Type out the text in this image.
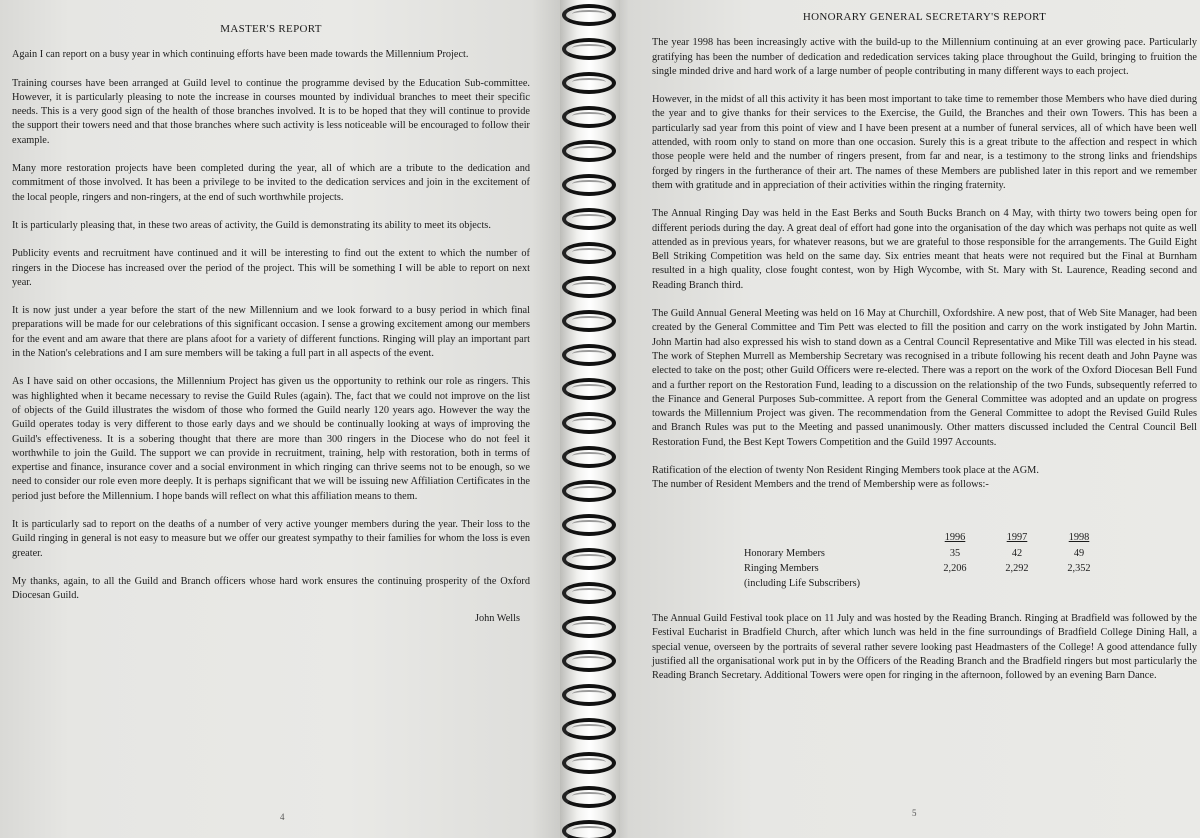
MASTER'S REPORT

Again I can report on a busy year in which continuing efforts have been made towards the Millennium Project.

Training courses have been arranged at Guild level to continue the programme devised by the Education Sub-committee. However, it is particularly pleasing to note the increase in courses mounted by individual branches to meet their specific needs. This is a very good sign of the health of those branches involved. It is to be hoped that they will continue to provide the support their towers need and that those branches where such activity is less noticeable will be encouraged to follow their example.

Many more restoration projects have been completed during the year, all of which are a tribute to the dedication and commitment of those involved. It has been a privilege to be invited to the dedication services and join in the excitement of the local people, ringers and non-ringers, at the end of such worthwhile projects.

It is particularly pleasing that, in these two areas of activity, the Guild is demonstrating its ability to meet its objects.

Publicity events and recruitment have continued and it will be interesting to find out the extent to which the number of ringers in the Diocese has increased over the period of the project. This will be something I will be able to report on next year.

It is now just under a year before the start of the new Millennium and we look forward to a busy period in which final preparations will be made for our celebrations of this significant occasion. I sense a growing excitement among our members for the event and am aware that there are plans afoot for a variety of different functions. Ringing will play an important part in the Nation's celebrations and I am sure members will be taking a full part in all aspects of the event.

As I have said on other occasions, the Millennium Project has given us the opportunity to rethink our role as ringers. This was highlighted when it became necessary to revise the Guild Rules (again). The, fact that we could not improve on the list of objects of the Guild illustrates the wisdom of those who formed the Guild nearly 120 years ago. However the way the Guild operates today is very different to those early days and we should be continually looking at ways of improving the Guild's effectiveness. It is a sobering thought that there are more than 300 ringers in the Diocese who do not feel it worthwhile to join the Guild. The support we can provide in recruitment, training, help with restoration, both in terms of expertise and finance, insurance cover and a social environment in which ringing can thrive seems not to be enough, so we need to consider our role even more deeply. It is perhaps significant that we will be issuing new Affiliation Certificates in the period just before the Millennium. I hope bands will reflect on what this affiliation means to them.

It is particularly sad to report on the deaths of a number of very active younger members during the year. Their loss to the Guild ringing in general is not easy to measure but we offer our greatest sympathy to their families for whom the loss is even greater.

My thanks, again, to all the Guild and Branch officers whose hard work ensures the continuing prosperity of the Oxford Diocesan Guild.

John Wells
4
HONORARY GENERAL SECRETARY'S REPORT

The year 1998 has been increasingly active with the build-up to the Millennium continuing at an ever growing pace. Particularly gratifying has been the number of dedication and rededication services taking place throughout the Guild, bringing to fruition the single minded drive and hard work of a large number of people contributing in many different ways to each project.

However, in the midst of all this activity it has been most important to take time to remember those Members who have died during the year and to give thanks for their services to the Exercise, the Guild, the Branches and their own Towers. This has been a particularly sad year from this point of view and I have been present at a number of funeral services, all of which have been well attended, with room only to stand on more than one occasion. Surely this is a great tribute to the affection and respect in which those people were held and the number of ringers present, from far and near, is a testimony to the strong links and friendships forged by ringers in the furtherance of their art. The names of these Members are published later in this report and we remember them with gratitude and in appreciation of their activities within the ringing fraternity.

The Annual Ringing Day was held in the East Berks and South Bucks Branch on 4 May, with thirty two towers being open for different periods during the day. A great deal of effort had gone into the organisation of the day which was perhaps not quite as well attended as in previous years, for whatever reasons, but we are grateful to those responsible for the arrangements. The Guild Eight Bell Striking Competition was held on the same day. Six entries meant that heats were not required but the Final at Burnham resulted in a high quality, close fought contest, won by High Wycombe, with St. Mary with St. Laurence, Reading second and Reading Branch third.

The Guild Annual General Meeting was held on 16 May at Churchill, Oxfordshire. A new post, that of Web Site Manager, had been created by the General Committee and Tim Pett was elected to fill the position and carry on the work instigated by John Martin. John Martin had also expressed his wish to stand down as a Central Council Representative and Mike Till was elected in his stead. The work of Stephen Murrell as Membership Secretary was recognised in a tribute following his recent death and John Payne was elected to take on the post; other Guild Officers were re-elected. There was a report on the work of the Oxford Diocesan Bell Fund and a further report on the Restoration Fund, leading to a discussion on the relationship of the two Funds, subsequently referred to the Finance and General Purposes Sub-committee. A report from the General Committee was adopted and an update on progress towards the Millennium Project was given. The recommendation from the General Committee to adopt the Revised Guild Rules and Branch Rules was put to the Meeting and passed unanimously. Other matters discussed included the Central Council Bell Restoration Fund, the Best Kept Towers Competition and the Guild 1997 Accounts.

Ratification of the election of twenty Non Resident Ringing Members took place at the AGM.
The number of Resident Members and the trend of Membership were as follows:-
	1996	1997	1998
Honorary Members	35	42	49
Ringing Members	2,206	2,292	2,352
(including Life Subscribers)			

The Annual Guild Festival took place on 11 July and was hosted by the Reading Branch. Ringing at Bradfield was followed by the Festival Eucharist in Bradfield Church, after which lunch was held in the fine surroundings of Bradfield College Dining Hall, a special venue, overseen by the portraits of several rather severe looking past Headmasters of the College! A good attendance fully justified all the organisational work put in by the Officers of the Reading Branch and the Bradfield ringers but most particularly the Reading Branch Secretary. Additional Towers were open for ringing in the afternoon, followed by an evening Barn Dance.

5
